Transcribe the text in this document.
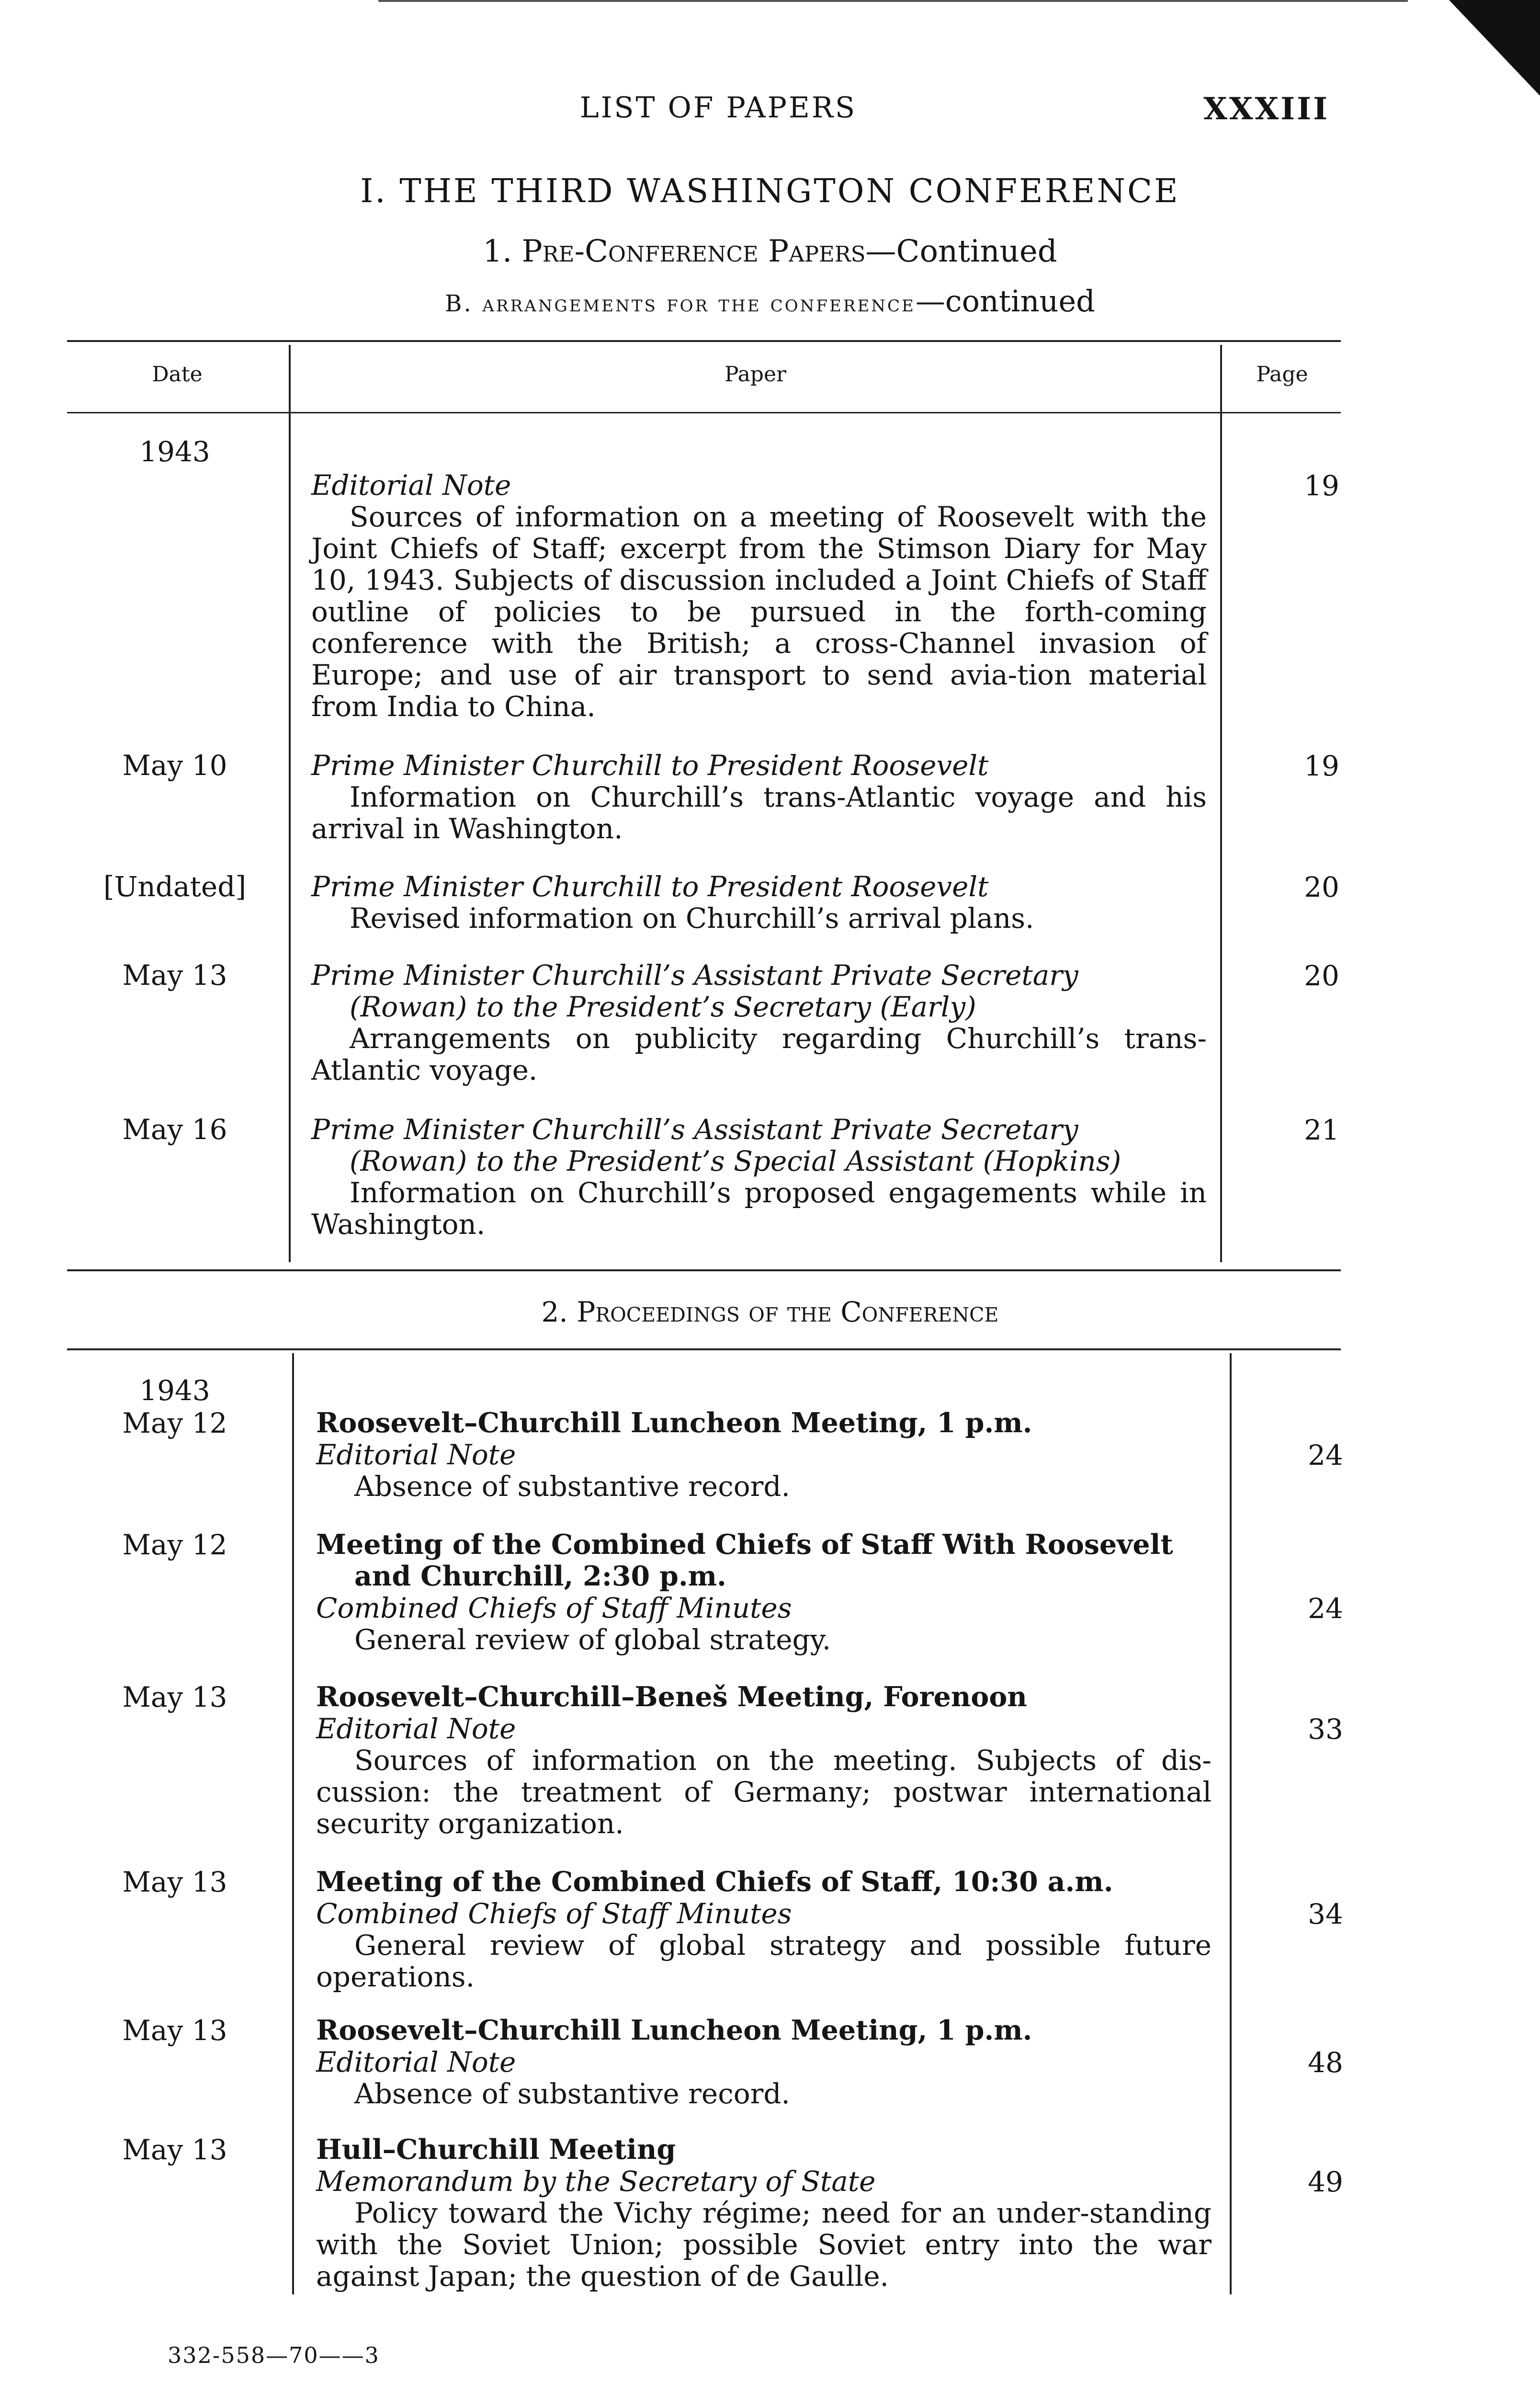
LIST OF PAPERS	XXXIII
I. THE THIRD WASHINGTON CONFERENCE
1. Pre-Conference Papers—Continued
B. arrangements for the conference—continued
Date	Paper	Page
1943
Editorial Note
Sources of information on a meeting of Roosevelt with the Joint Chiefs of Staff; excerpt from the Stimson Diary for May 10, 1943. Subjects of discussion included a Joint Chiefs of Staff outline of policies to be pursued in the forth-coming conference with the British; a cross-Channel invasion of Europe; and use of air transport to send avia-tion material from India to China.
19
May 10	Prime Minister Churchill to President Roosevelt
Information on Churchill’s trans-Atlantic voyage and his arrival in Washington.
19
[Undated]	Prime Minister Churchill to President Roosevelt
Revised information on Churchill’s arrival plans.
20
May 13	Prime Minister Churchill’s Assistant Private Secretary
(Rowan) to the President’s Secretary (Early)
Arrangements on publicity regarding Churchill’s trans-Atlantic voyage.
20
May 16	Prime Minister Churchill’s Assistant Private Secretary
(Rowan) to the President’s Special Assistant (Hopkins)
Information on Churchill’s proposed engagements while in Washington.
21
2. Proceedings of the Conference
1943
May 12	Roosevelt–Churchill Luncheon Meeting, 1 p.m.
Editorial Note
Absence of substantive record.
24
May 12	Meeting of the Combined Chiefs of Staff With Roosevelt
and Churchill, 2:30 p.m.
Combined Chiefs of Staff Minutes
General review of global strategy.
24
May 13	Roosevelt–Churchill–Beneš Meeting, Forenoon
Editorial Note
Sources of information on the meeting. Subjects of dis-cussion: the treatment of Germany; postwar international security organization.
33
May 13	Meeting of the Combined Chiefs of Staff, 10:30 a.m.
Combined Chiefs of Staff Minutes
General review of global strategy and possible future operations.
34
May 13	Roosevelt–Churchill Luncheon Meeting, 1 p.m.
Editorial Note
Absence of substantive record.
48
May 13	Hull–Churchill Meeting
Memorandum by the Secretary of State
Policy toward the Vichy régime; need for an under-standing with the Soviet Union; possible Soviet entry into the war against Japan; the question of de Gaulle.
49
332-558—70——3
